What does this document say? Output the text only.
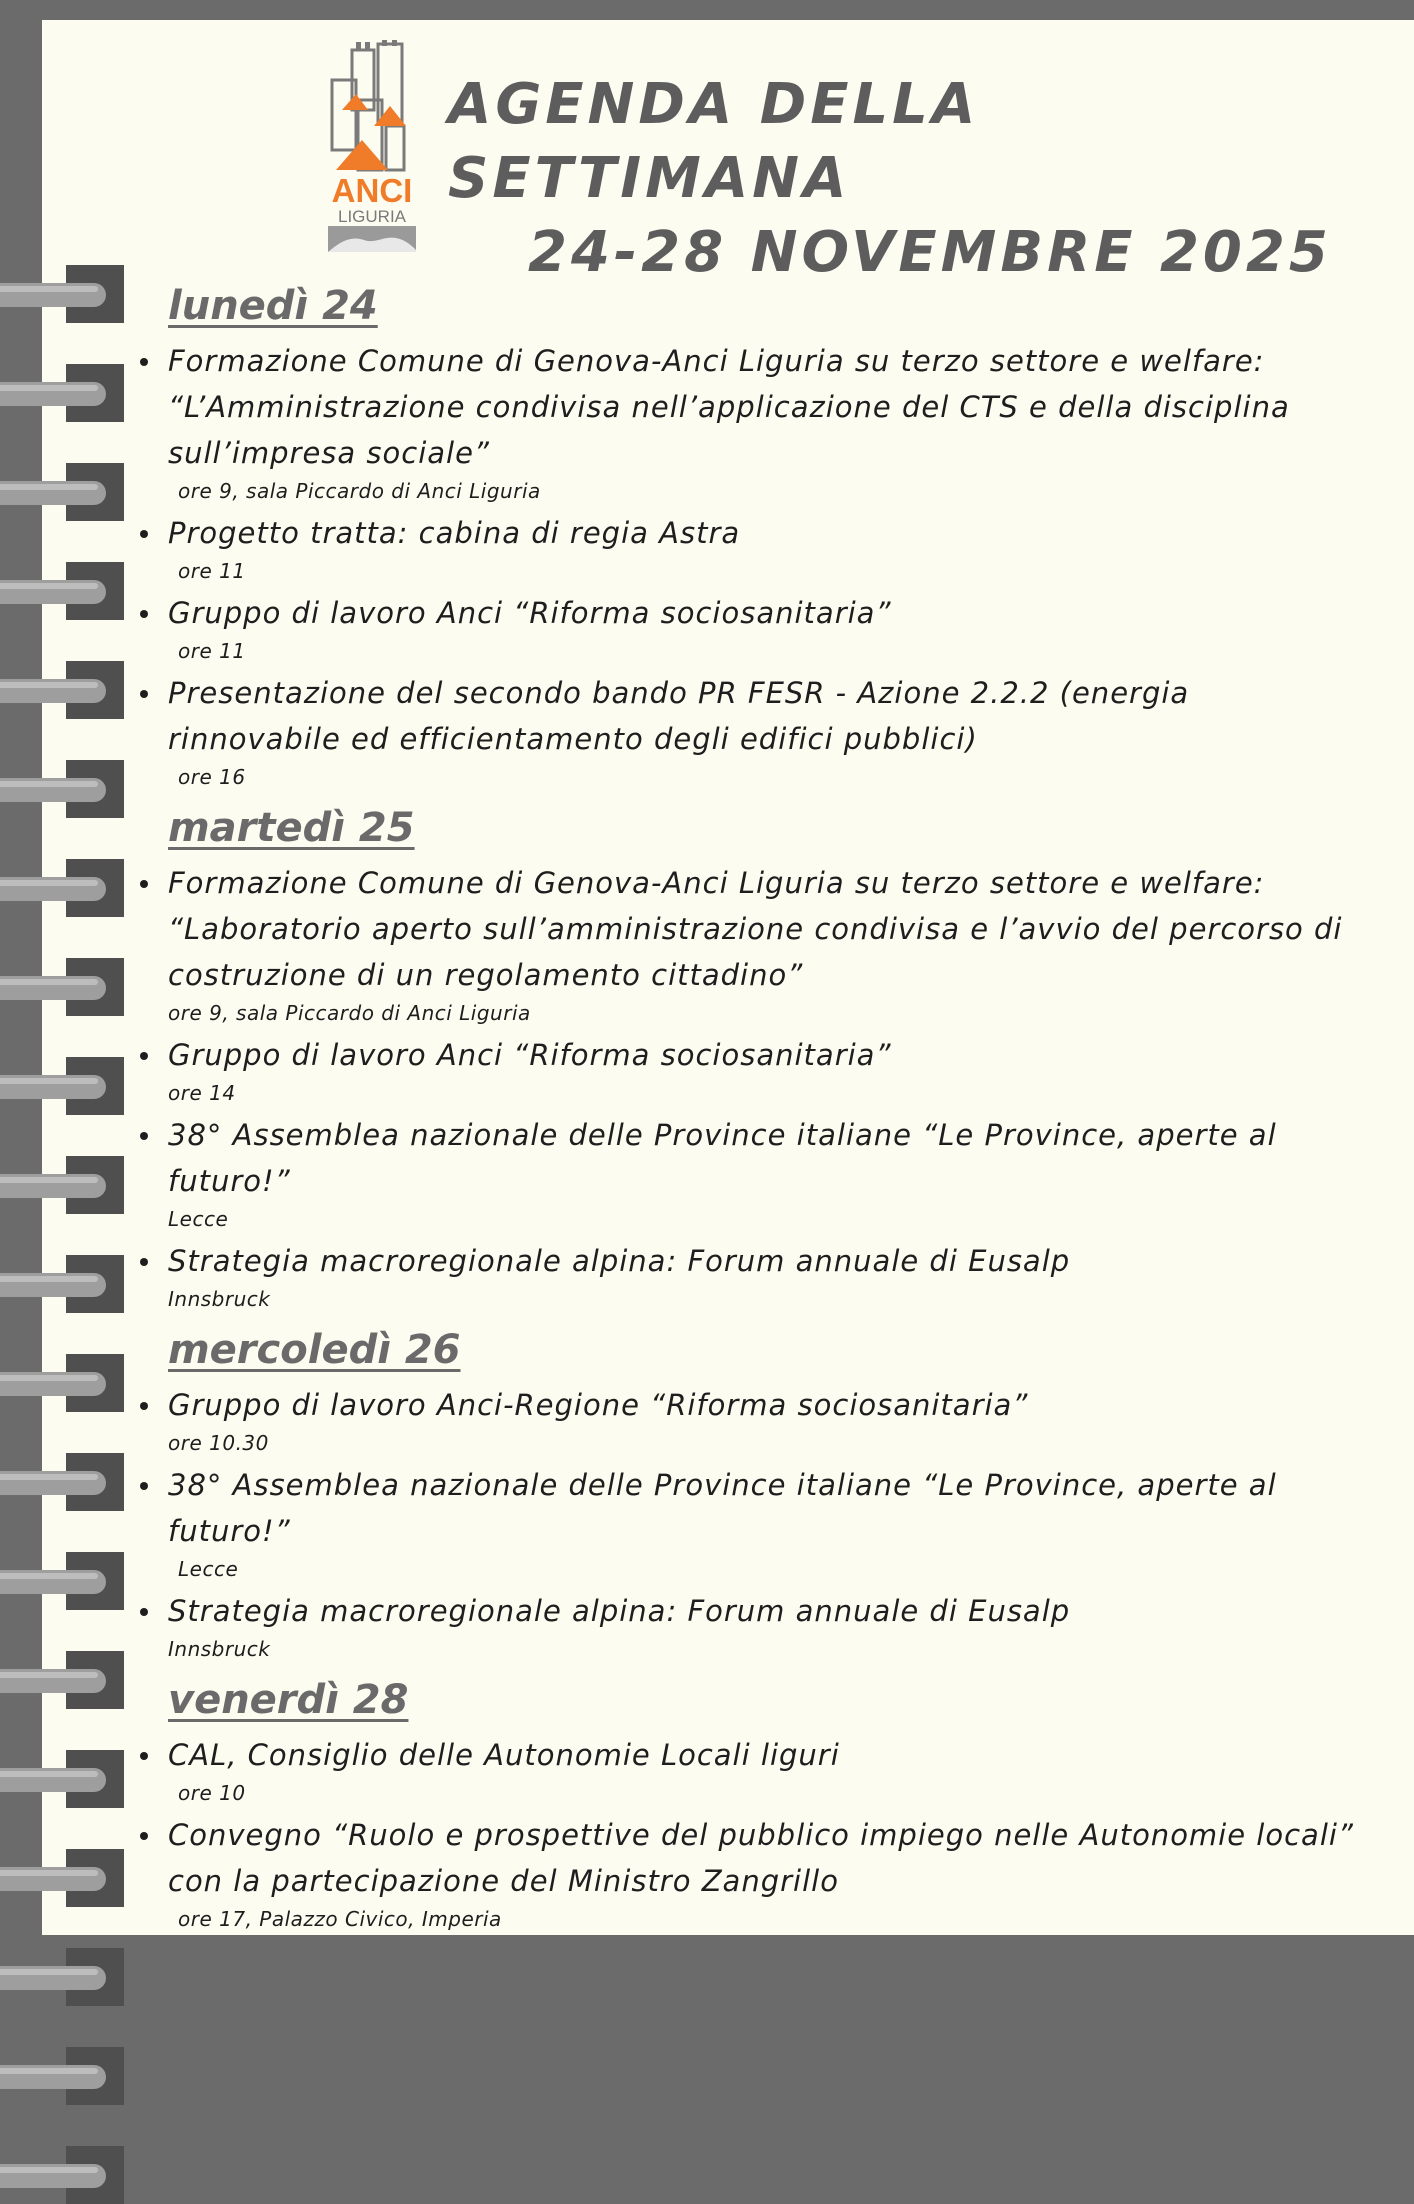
ANCI
LIGURIA
AGENDA DELLA SETTIMANA
24-28 NOVEMBRE 2025
lunedì 24
Formazione Comune di Genova-Anci Liguria su terzo settore e welfare: “L’Amministrazione condivisa nell’applicazione del CTS e della disciplina sull’impresa sociale”
ore 9, sala Piccardo di Anci Liguria
Progetto tratta: cabina di regia Astra
ore 11
Gruppo di lavoro Anci “Riforma sociosanitaria”
ore 11
Presentazione del secondo bando PR FESR - Azione 2.2.2 (energia rinnovabile ed efficientamento degli edifici pubblici)
ore 16
martedì 25
Formazione Comune di Genova-Anci Liguria su terzo settore e welfare: “Laboratorio aperto sull’amministrazione condivisa e l’avvio del percorso di costruzione di un regolamento cittadino”
ore 9, sala Piccardo di Anci Liguria
Gruppo di lavoro Anci “Riforma sociosanitaria”
ore 14
38° Assemblea nazionale delle Province italiane “Le Province, aperte al futuro!”
Lecce
Strategia macroregionale alpina: Forum annuale di Eusalp
Innsbruck
mercoledì 26
Gruppo di lavoro Anci-Regione “Riforma sociosanitaria”
ore 10.30
38° Assemblea nazionale delle Province italiane “Le Province, aperte al futuro!”
Lecce
Strategia macroregionale alpina: Forum annuale di Eusalp
Innsbruck
venerdì 28
CAL, Consiglio delle Autonomie Locali liguri
ore 10
Convegno “Ruolo e prospettive del pubblico impiego nelle Autonomie locali” con la partecipazione del Ministro Zangrillo
ore 17, Palazzo Civico, Imperia
